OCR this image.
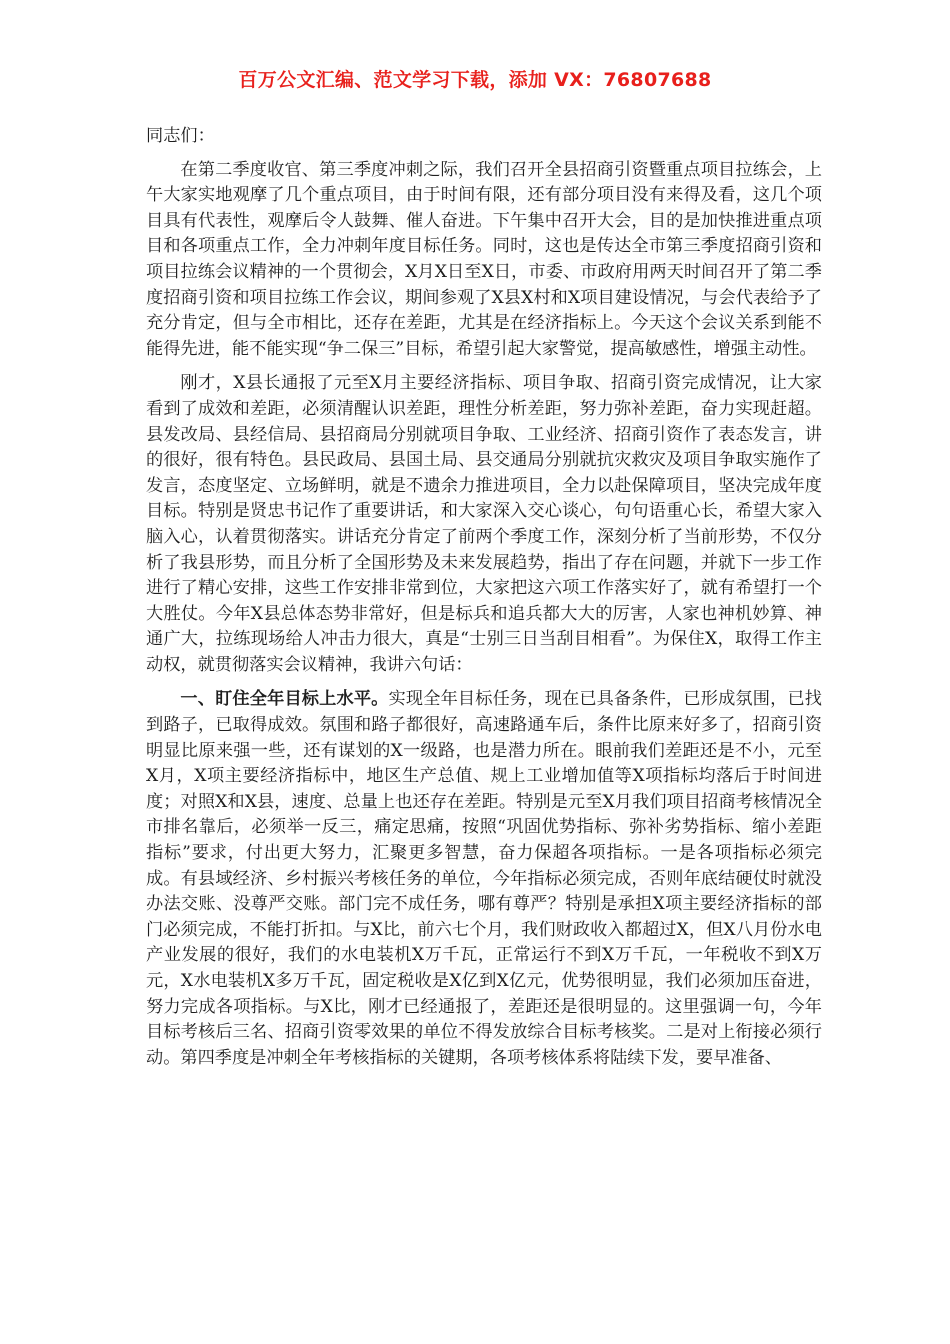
百万公文汇编、范文学习下载，添加 VX：76807688

同志们：

在第二季度收官、第三季度冲刺之际，我们召开全县招商引资暨重点项目拉练会，上午大家实地观摩了几个重点项目，由于时间有限，还有部分项目没有来得及看，这几个项目具有代表性，观摩后令人鼓舞、催人奋进。下午集中召开大会，目的是加快推进重点项目和各项重点工作，全力冲刺年度目标任务。同时，这也是传达全市第三季度招商引资和项目拉练会议精神的一个贯彻会，X月X日至X日，市委、市政府用两天时间召开了第二季度招商引资和项目拉练工作会议，期间参观了X县X村和X项目建设情况，与会代表给予了充分肯定，但与全市相比，还存在差距，尤其是在经济指标上。今天这个会议关系到能不能得先进，能不能实现“争二保三”目标，希望引起大家警觉，提高敏感性，增强主动性。

刚才，X县长通报了元至X月主要经济指标、项目争取、招商引资完成情况，让大家看到了成效和差距，必须清醒认识差距，理性分析差距，努力弥补差距，奋力实现赶超。县发改局、县经信局、县招商局分别就项目争取、工业经济、招商引资作了表态发言，讲的很好，很有特色。县民政局、县国土局、县交通局分别就抗灾救灾及项目争取实施作了发言，态度坚定、立场鲜明，就是不遗余力推进项目，全力以赴保障项目，坚决完成年度目标。特别是贤忠书记作了重要讲话，和大家深入交心谈心，句句语重心长，希望大家入脑入心，认着贯彻落实。讲话充分肯定了前两个季度工作，深刻分析了当前形势，不仅分析了我县形势，而且分析了全国形势及未来发展趋势，指出了存在问题，并就下一步工作进行了精心安排，这些工作安排非常到位，大家把这六项工作落实好了，就有希望打一个大胜仗。今年X县总体态势非常好，但是标兵和追兵都大大的厉害，人家也神机妙算、神通广大，拉练现场给人冲击力很大，真是“士别三日当刮目相看”。为保住X，取得工作主动权，就贯彻落实会议精神，我讲六句话：

一、盯住全年目标上水平。实现全年目标任务，现在已具备条件，已形成氛围，已找到路子，已取得成效。氛围和路子都很好，高速路通车后，条件比原来好多了，招商引资明显比原来强一些，还有谋划的X一级路，也是潜力所在。眼前我们差距还是不小，元至X月，X项主要经济指标中，地区生产总值、规上工业增加值等X项指标均落后于时间进度；对照X和X县，速度、总量上也还存在差距。特别是元至X月我们项目招商考核情况全市排名靠后，必须举一反三，痛定思痛，按照“巩固优势指标、弥补劣势指标、缩小差距指标”要求，付出更大努力，汇聚更多智慧，奋力保超各项指标。一是各项指标必须完成。有县域经济、乡村振兴考核任务的单位，今年指标必须完成，否则年底结硬仗时就没办法交账、没尊严交账。部门完不成任务，哪有尊严？特别是承担X项主要经济指标的部门必须完成，不能打折扣。与X比，前六七个月，我们财政收入都超过X，但X八月份水电产业发展的很好，我们的水电装机X万千瓦，正常运行不到X万千瓦，一年税收不到X万元，X水电装机X多万千瓦，固定税收是X亿到X亿元，优势很明显，我们必须加压奋进，努力完成各项指标。与X比，刚才已经通报了，差距还是很明显的。这里强调一句，今年目标考核后三名、招商引资零效果的单位不得发放综合目标考核奖。二是对上衔接必须行动。第四季度是冲刺全年考核指标的关键期，各项考核体系将陆续下发，要早准备、
